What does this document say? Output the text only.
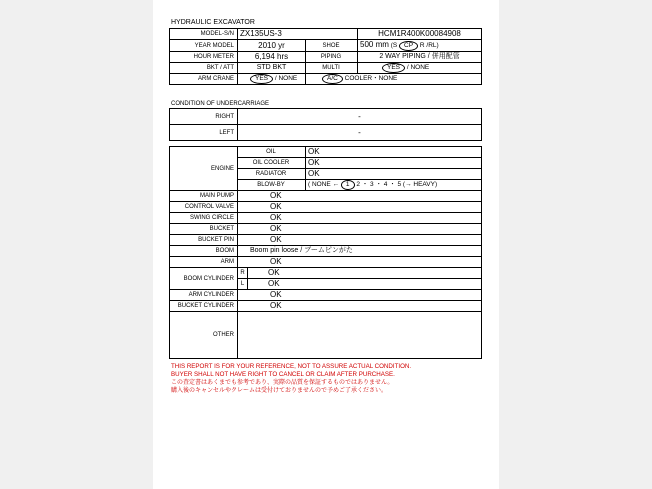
HYDRAULIC EXCAVATOR
MODEL-S/N	ZX135US-3		HCM1R400K00084908
YEAR MODEL	2010 yr	SHOE	500 mm (S CP R /RL)
HOUR METER	6,194 hrs	PIPING	2 WAY PIPING / 併用配管
BKT / ATT	STD BKT	MULTI	YES / NONE
ARM CRANE	YES / NONE	A/C COOLER・NONE	
CONDITION OF UNDERCARRIAGE
RIGHT	-
LEFT	-
ENGINE	OIL		OK
	OIL COOLER		OK
	RADIATOR		OK
	BLOW-BY		( NONE ← 1 2 ・ 3 ・ 4 ・ 5 (→ HEAVY)
MAIN PUMP	OK		
CONTROL VALVE	OK		
SWING CIRCLE	OK		
BUCKET	OK		
BUCKET PIN	OK		
BOOM	Boom pin loose / ブームピンがた		
ARM	OK		
BOOM CYLINDER	R	OK	
	L	OK	
ARM CYLINDER	OK		
BUCKET CYLINDER	OK		
OTHER			
THIS REPORT IS FOR YOUR REFERENCE, NOT TO ASSURE ACTUAL CONDITION.
BUYER SHALL NOT HAVE RIGHT TO CANCEL OR CLAIM AFTER PURCHASE.
この査定書はあくまでも参考であり、実際の品質を保証するものではありません。
購入後のキャンセルやクレームは受付けておりませんので予めご了承ください。
